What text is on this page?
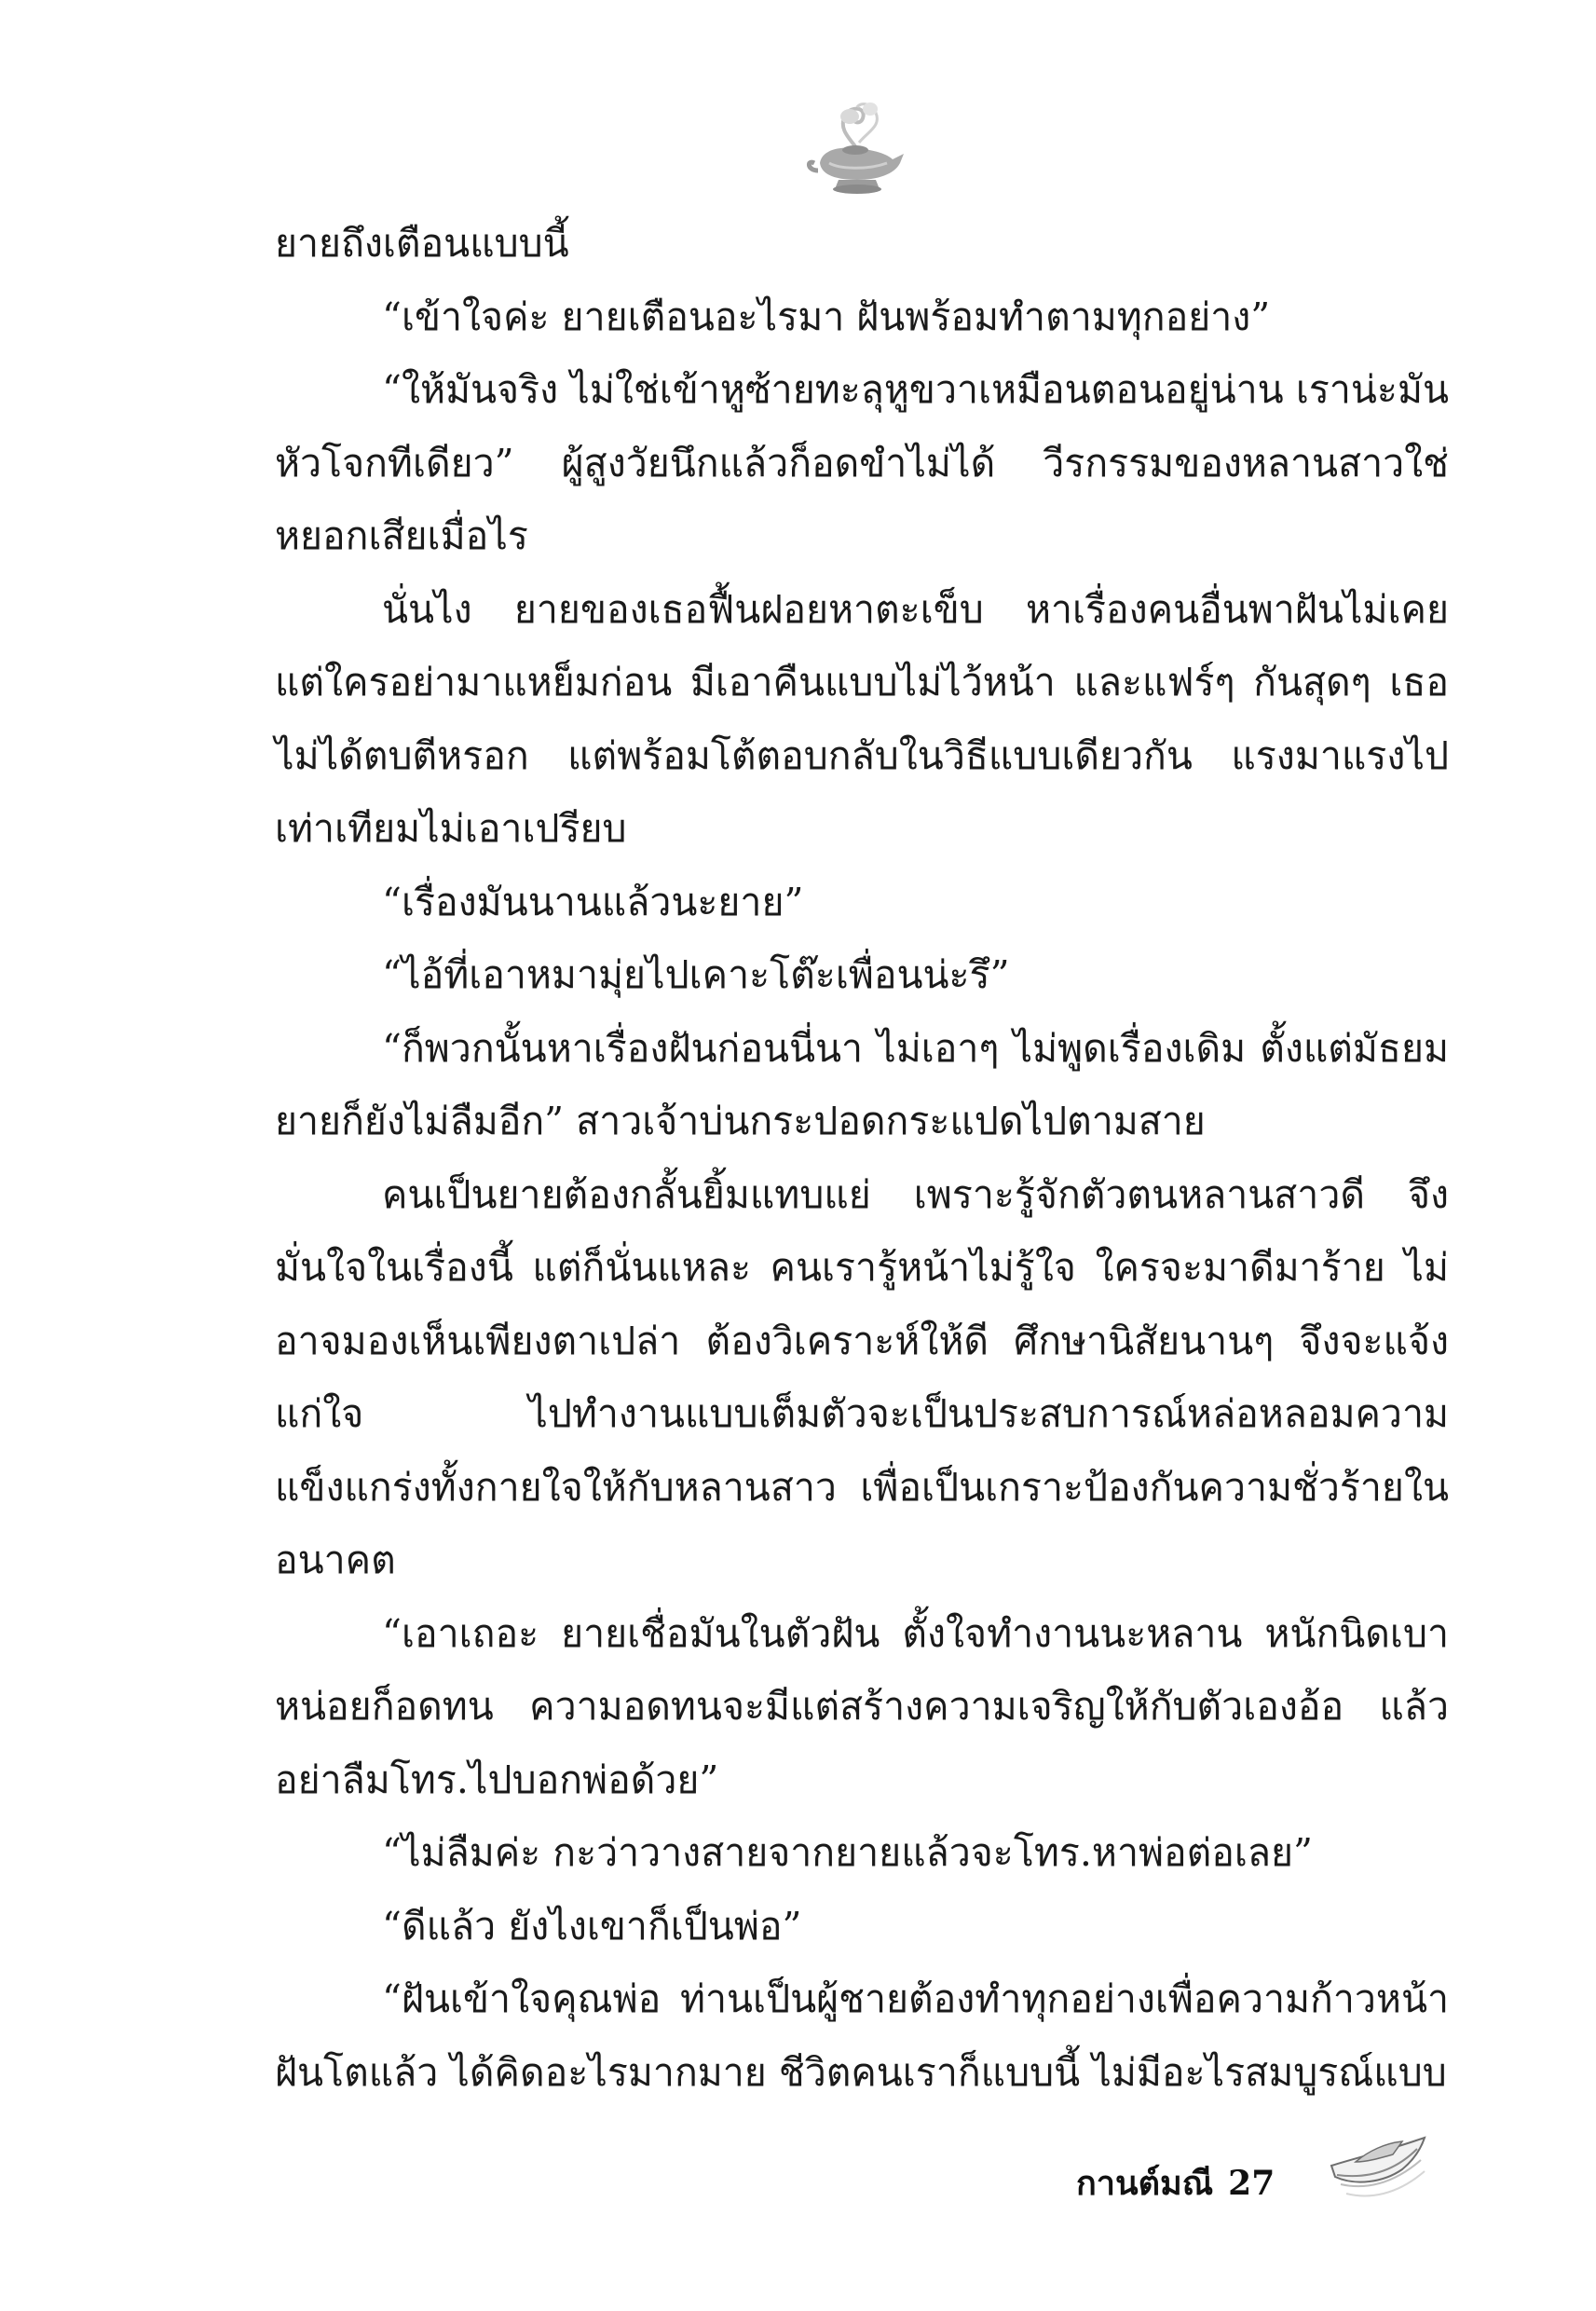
ยายถึงเตือนแบบนี้

“เข้าใจค่ะ ยายเตือนอะไรมา ฝันพร้อมทำตามทุกอย่าง”

“ให้มันจริง ไม่ใช่เข้าหูซ้ายทะลุหูขวาเหมือนตอนอยู่น่าน เราน่ะมันหัวโจกทีเดียว” ผู้สูงวัยนึกแล้วก็อดขำไม่ได้ วีรกรรมของหลานสาวใช่หยอกเสียเมื่อไร

นั่นไง ยายของเธอฟื้นฝอยหาตะเข็บ หาเรื่องคนอื่นพาฝันไม่เคย แต่ใครอย่ามาแหย็มก่อน มีเอาคืนแบบไม่ไว้หน้า และแฟร์ๆ กันสุดๆ เธอไม่ได้ตบตีหรอก แต่พร้อมโต้ตอบกลับในวิธีแบบเดียวกัน แรงมาแรงไปเท่าเทียมไม่เอาเปรียบ

“เรื่องมันนานแล้วนะยาย”

“ไอ้ที่เอาหมามุ่ยไปเคาะโต๊ะเพื่อนน่ะรึ”

“ก็พวกนั้นหาเรื่องฝันก่อนนี่นา ไม่เอาๆ ไม่พูดเรื่องเดิม ตั้งแต่มัธยมยายก็ยังไม่ลืมอีก” สาวเจ้าบ่นกระปอดกระแปดไปตามสาย

คนเป็นยายต้องกลั้นยิ้มแทบแย่ เพราะรู้จักตัวตนหลานสาวดี จึงมั่นใจในเรื่องนี้ แต่ก็นั่นแหละ คนเรารู้หน้าไม่รู้ใจ ใครจะมาดีมาร้าย ไม่อาจมองเห็นเพียงตาเปล่า ต้องวิเคราะห์ให้ดี ศึกษานิสัยนานๆ จึงจะแจ้งแก่ใจ ไปทำงานแบบเต็มตัวจะเป็นประสบการณ์หล่อหลอมความแข็งแกร่งทั้งกายใจให้กับหลานสาว เพื่อเป็นเกราะป้องกันความชั่วร้ายในอนาคต

“เอาเถอะ ยายเชื่อมันในตัวฝัน ตั้งใจทำงานนะหลาน หนักนิดเบาหน่อยก็อดทน ความอดทนจะมีแต่สร้างความเจริญให้กับตัวเองอ้อ แล้วอย่าลืมโทร.ไปบอกพ่อด้วย”

“ไม่ลืมค่ะ กะว่าวางสายจากยายแล้วจะโทร.หาพ่อต่อเลย”

“ดีแล้ว ยังไงเขาก็เป็นพ่อ”

“ฝันเข้าใจคุณพ่อ ท่านเป็นผู้ชายต้องทำทุกอย่างเพื่อความก้าวหน้าฝันโตแล้ว ได้คิดอะไรมากมาย ชีวิตคนเราก็แบบนี้ ไม่มีอะไรสมบูรณ์แบบ

กานต์มณี 27
